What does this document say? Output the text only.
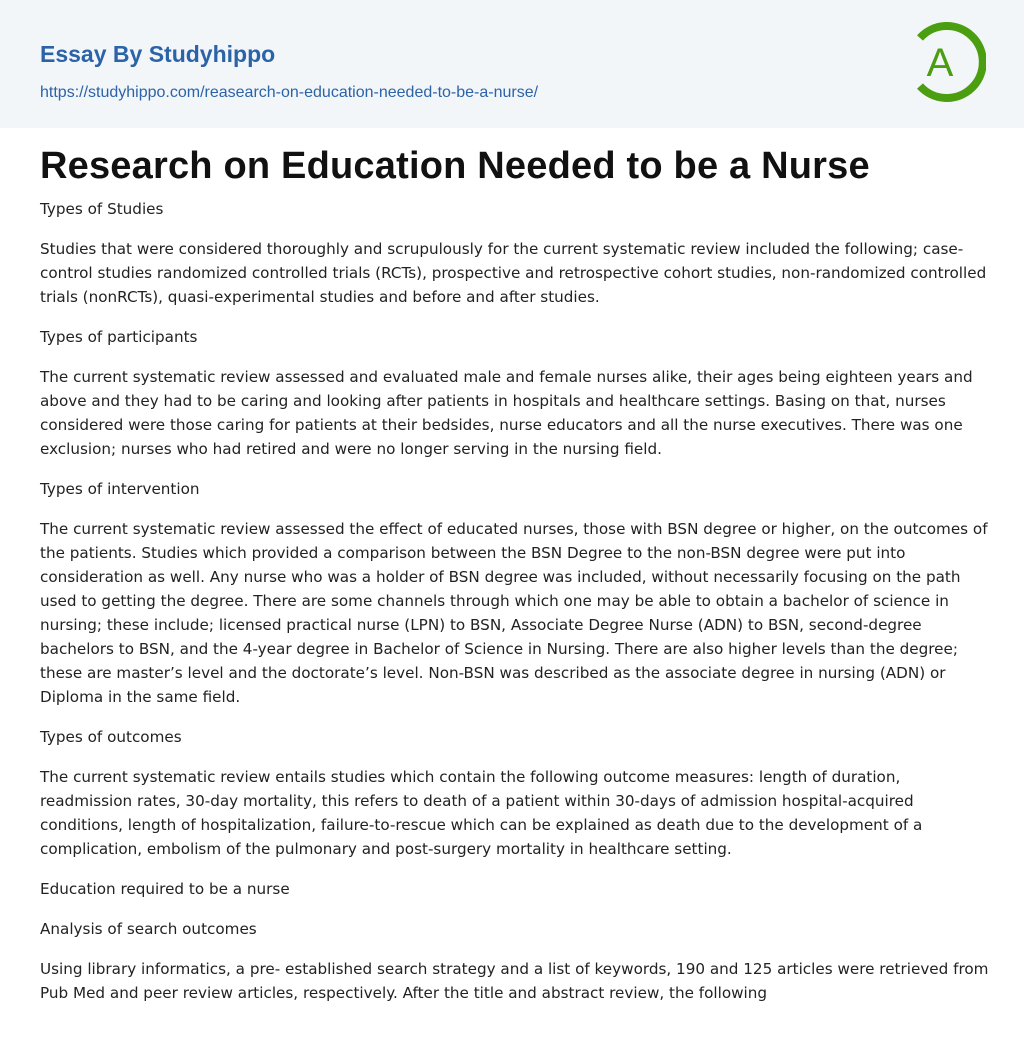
Essay By Studyhippo
https://studyhippo.com/reasearch-on-education-needed-to-be-a-nurse/
A
Research on Education Needed to be a Nurse

Types of Studies

Studies that were considered thoroughly and scrupulously for the current systematic review included the following; case-control studies randomized controlled trials (RCTs), prospective and retrospective cohort studies, non-randomized controlled trials (nonRCTs), quasi-experimental studies and before and after studies.

Types of participants

The current systematic review assessed and evaluated male and female nurses alike, their ages being eighteen years and above and they had to be caring and looking after patients in hospitals and healthcare settings. Basing on that, nurses considered were those caring for patients at their bedsides, nurse educators and all the nurse executives. There was one exclusion; nurses who had retired and were no longer serving in the nursing field.

Types of intervention

The current systematic review assessed the effect of educated nurses, those with BSN degree or higher, on the outcomes of the patients. Studies which provided a comparison between the BSN Degree to the non-BSN degree were put into consideration as well. Any nurse who was a holder of BSN degree was included, without necessarily focusing on the path used to getting the degree. There are some channels through which one may be able to obtain a bachelor of science in nursing; these include; licensed practical nurse (LPN) to BSN, Associate Degree Nurse (ADN) to BSN, second-degree bachelors to BSN, and the 4-year degree in Bachelor of Science in Nursing. There are also higher levels than the degree; these are master’s level and the doctorate’s level. Non-BSN was described as the associate degree in nursing (ADN) or Diploma in the same field.

Types of outcomes

The current systematic review entails studies which contain the following outcome measures: length of duration, readmission rates, 30-day mortality, this refers to death of a patient within 30-days of admission hospital-acquired conditions, length of hospitalization, failure-to-rescue which can be explained as death due to the development of a complication, embolism of the pulmonary and post-surgery mortality in healthcare setting.

Education required to be a nurse

Analysis of search outcomes

Using library informatics, a pre- established search strategy and a list of keywords, 190 and 125 articles were retrieved from Pub Med and peer review articles, respectively. After the title and abstract review, the following
